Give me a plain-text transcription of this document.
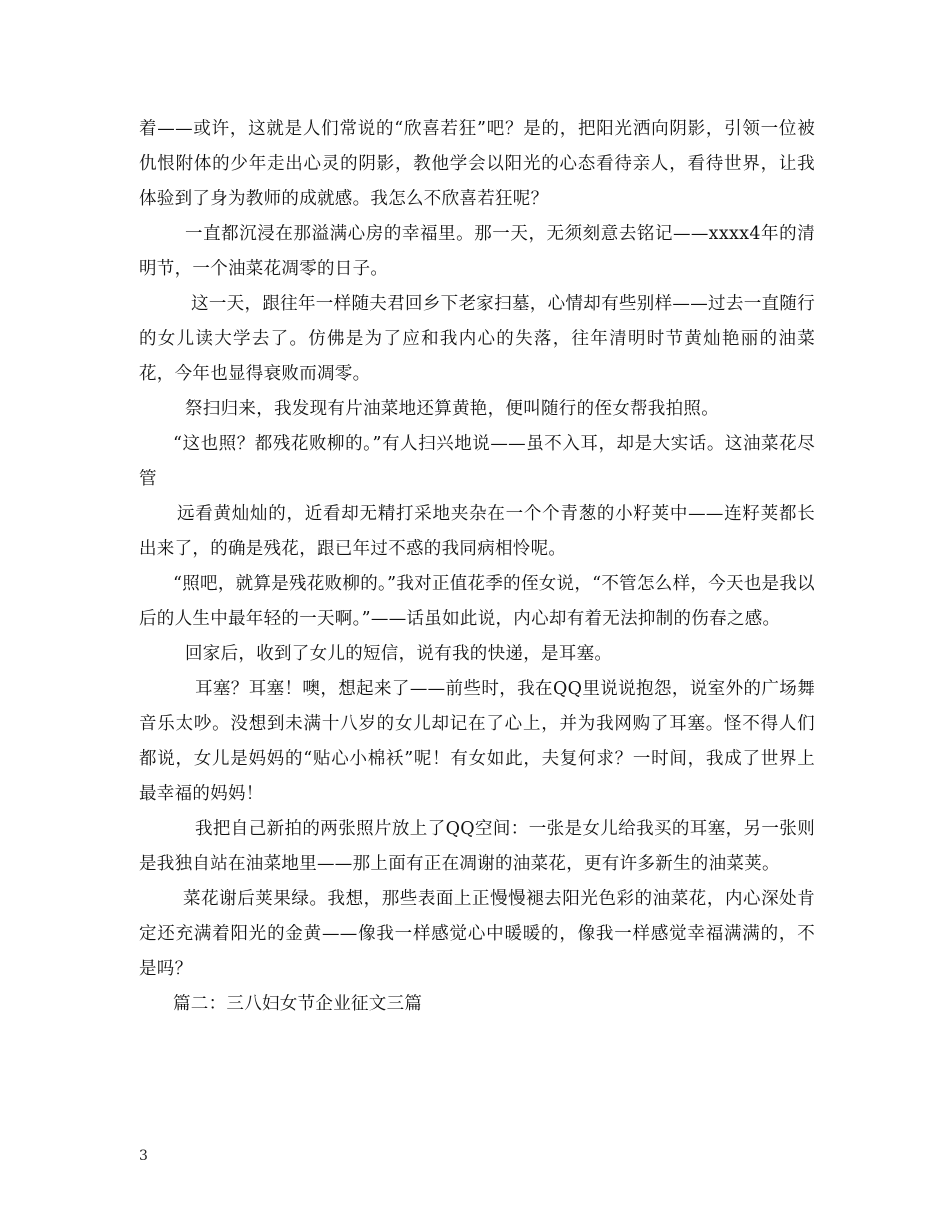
着——或许，这就是人们常说的“欣喜若狂”吧？是的，把阳光洒向阴影，引领一位被仇恨附体的少年走出心灵的阴影，教他学会以阳光的心态看待亲人，看待世界，让我体验到了身为教师的成就感。我怎么不欣喜若狂呢？

一直都沉浸在那溢满心房的幸福里。那一天，无须刻意去铭记——xxxx4年的清明节，一个油菜花凋零的日子。

这一天，跟往年一样随夫君回乡下老家扫墓，心情却有些别样——过去一直随行的女儿读大学去了。仿佛是为了应和我内心的失落，往年清明时节黄灿艳丽的油菜花，今年也显得衰败而凋零。

祭扫归来，我发现有片油菜地还算黄艳，便叫随行的侄女帮我拍照。

“这也照？都残花败柳的。”有人扫兴地说——虽不入耳，却是大实话。这油菜花尽管

远看黄灿灿的，近看却无精打采地夹杂在一个个青葱的小籽荚中——连籽荚都长出来了，的确是残花，跟已年过不惑的我同病相怜呢。

“照吧，就算是残花败柳的。”我对正值花季的侄女说，“不管怎么样，今天也是我以后的人生中最年轻的一天啊。”——话虽如此说，内心却有着无法抑制的伤春之感。

回家后，收到了女儿的短信，说有我的快递，是耳塞。

耳塞？耳塞！噢，想起来了——前些时，我在QQ里说说抱怨，说室外的广场舞音乐太吵。没想到未满十八岁的女儿却记在了心上，并为我网购了耳塞。怪不得人们都说，女儿是妈妈的“贴心小棉袄”呢！有女如此，夫复何求？一时间，我成了世界上最幸福的妈妈！

我把自己新拍的两张照片放上了QQ空间：一张是女儿给我买的耳塞，另一张则是我独自站在油菜地里——那上面有正在凋谢的油菜花，更有许多新生的油菜荚。

菜花谢后荚果绿。我想，那些表面上正慢慢褪去阳光色彩的油菜花，内心深处肯定还充满着阳光的金黄——像我一样感觉心中暖暖的，像我一样感觉幸福满满的，不是吗？

篇二：三八妇女节企业征文三篇

3
